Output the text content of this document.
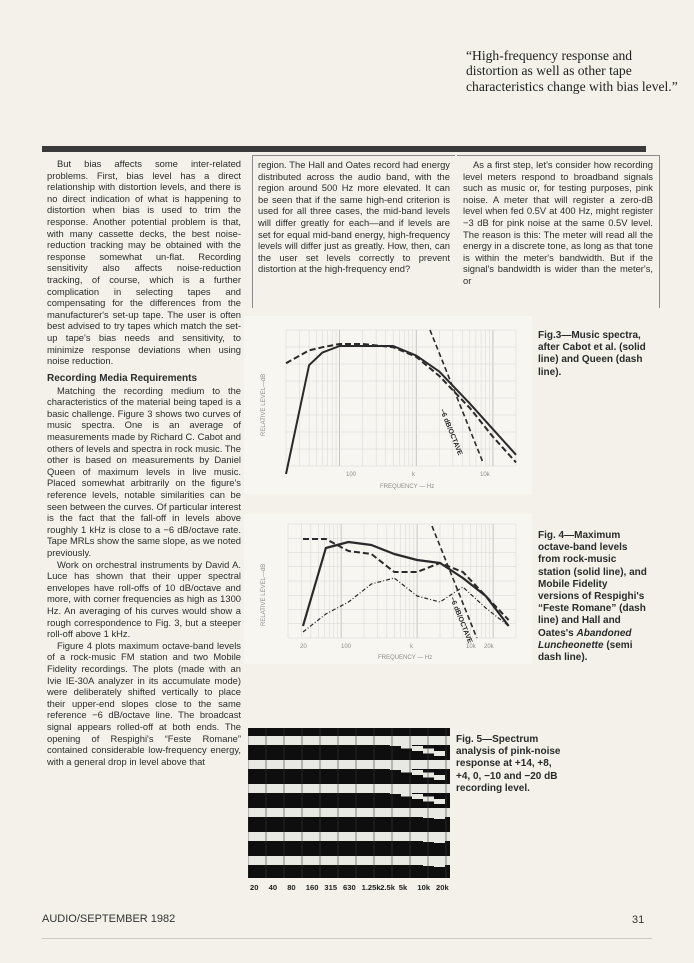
“High-frequency response and distortion as well as other tape characteristics change with bias level.”

But bias affects some inter-related problems. First, bias level has a direct relationship with distortion levels, and there is no direct indication of what is happening to distortion when bias is used to trim the response. Another potential problem is that, with many cassette decks, the best noise-reduction tracking may be obtained with the response somewhat un-flat. Recording sensitivity also affects noise-reduction tracking, of course, which is a further complication in selecting tapes and compensating for the differences from the manufacturer's set-up tape. The user is often best advised to try tapes which match the set-up tape's bias needs and sensitivity, to minimize response deviations when using noise reduction.

Recording Media Requirements

Matching the recording medium to the characteristics of the material being taped is a basic challenge. Figure 3 shows two curves of music spectra. One is an average of measurements made by Richard C. Cabot and others of levels and spectra in rock music. The other is based on measurements by Daniel Queen of maximum levels in live music. Placed somewhat arbitrarily on the figure's reference levels, notable similarities can be seen between the curves. Of particular interest is the fact that the fall-off in levels above roughly 1 kHz is close to a −6 dB/octave rate. Tape MRLs show the same slope, as we noted previously.

Work on orchestral instruments by David A. Luce has shown that their upper spectral envelopes have roll-offs of 10 dB/octave and more, with corner frequencies as high as 1300 Hz. An averaging of his curves would show a rough correspondence to Fig. 3, but a steeper roll-off above 1 kHz.

Figure 4 plots maximum octave-band levels of a rock-music FM station and two Mobile Fidelity recordings. The plots (made with an Ivie IE-30A analyzer in its accumulate mode) were deliberately shifted vertically to place their upper-end slopes close to the same reference −6 dB/octave line. The broadcast signal appears rolled-off at both ends. The opening of Respighi's “Feste Romane” contained considerable low-frequency energy, with a general drop in level above that

region. The Hall and Oates record had energy distributed across the audio band, with the region around 500 Hz more elevated. It can be seen that if the same high-end criterion is used for all three cases, the mid-band levels will differ greatly for each—and if levels are set for equal mid-band energy, high-frequency levels will differ just as greatly. How, then, can the user set levels correctly to prevent distortion at the high-frequency end?

As a first step, let's consider how recording level meters respond to broadband signals such as music or, for testing purposes, pink noise. A meter that will register a zero-dB level when fed 0.5V at 400 Hz, might register −3 dB for pink noise at the same 0.5V level. The reason is this: The meter will read all the energy in a discrete tone, as long as that tone is within the meter's bandwidth. But if the signal's bandwidth is wider than the meter's, or

RELATIVE LEVEL—dB
FREQUENCY — Hz
100	k	10k
−6 dB/OCTAVE
Fig.3—Music spectra, after Cabot et al. (solid line) and Queen (dash line).
RELATIVE LEVEL—dB
FREQUENCY — Hz
20	100	k	10k 20k
−6 dB/OCTAVE
Fig. 4—Maximum octave-band levels from rock-music station (solid line), and Mobile Fidelity versions of Respighi's “Feste Romane” (dash line) and Hall and Oates's Abandoned Luncheonette (semi dash line).
20 40 80 160 315 630 1.25k 2.5k 5k 10k 20k
Fig. 5—Spectrum analysis of pink-noise response at +14, +8, +4, 0, −10 and −20 dB recording level.
AUDIO/SEPTEMBER 1982	31
